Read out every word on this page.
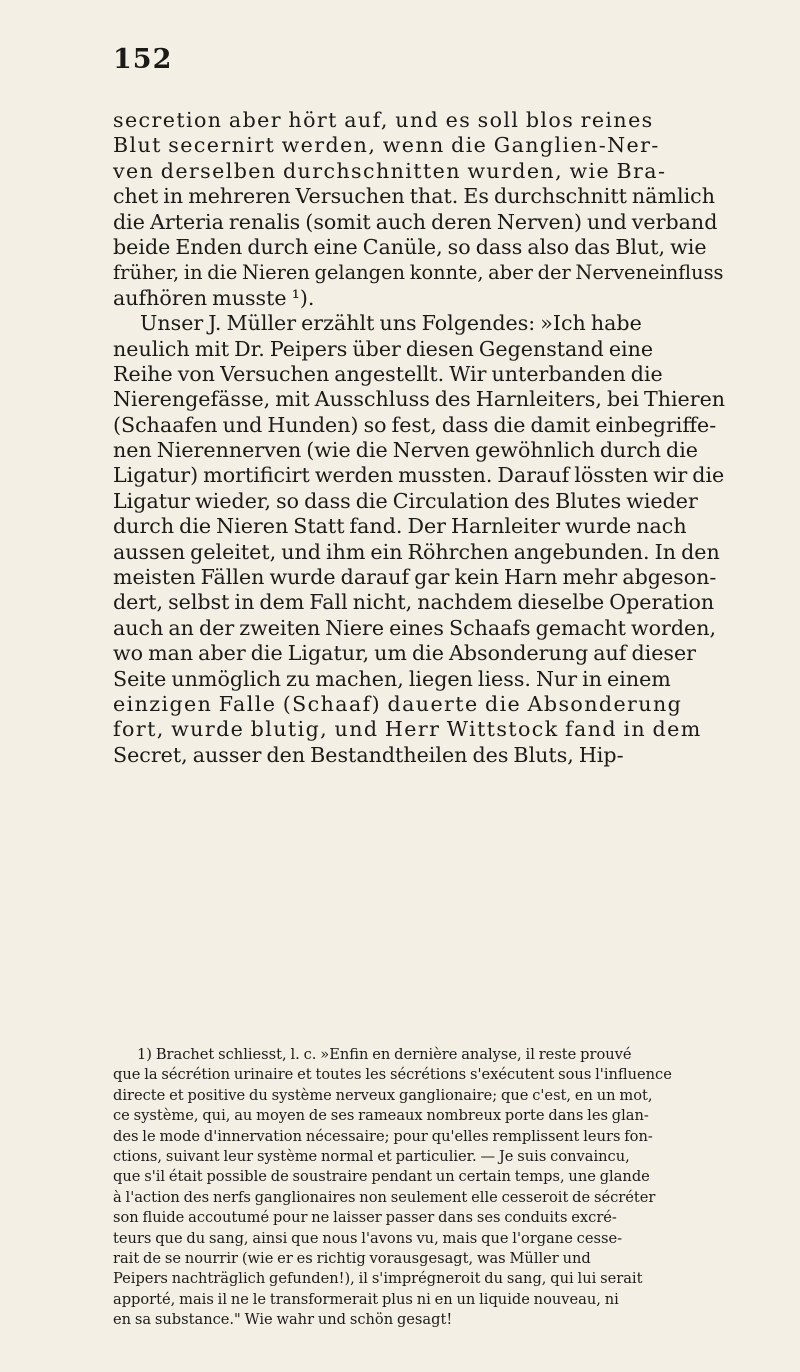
152
secretion aber hört auf, und es soll blos reines
Blut secernirt werden, wenn die Ganglien-Ner-
ven derselben durchschnitten wurden, wie Bra-
chet in mehreren Versuchen that. Es durchschnitt nämlich
die Arteria renalis (somit auch deren Nerven) und verband
beide Enden durch eine Canüle, so dass also das Blut, wie
früher, in die Nieren gelangen konnte, aber der Nerveneinfluss
aufhören musste ¹).
Unser J. Müller erzählt uns Folgendes: »Ich habe
neulich mit Dr. Peipers über diesen Gegenstand eine
Reihe von Versuchen angestellt. Wir unterbanden die
Nierengefässe, mit Ausschluss des Harnleiters, bei Thieren
(Schaafen und Hunden) so fest, dass die damit einbegriffe-
nen Nierennerven (wie die Nerven gewöhnlich durch die
Ligatur) mortificirt werden mussten. Darauf lössten wir die
Ligatur wieder, so dass die Circulation des Blutes wieder
durch die Nieren Statt fand. Der Harnleiter wurde nach
aussen geleitet, und ihm ein Röhrchen angebunden. In den
meisten Fällen wurde darauf gar kein Harn mehr abgeson-
dert, selbst in dem Fall nicht, nachdem dieselbe Operation
auch an der zweiten Niere eines Schaafs gemacht worden,
wo man aber die Ligatur, um die Absonderung auf dieser
Seite unmöglich zu machen, liegen liess. Nur in einem
einzigen Falle (Schaaf) dauerte die Absonderung
fort, wurde blutig, und Herr Wittstock fand in dem
Secret, ausser den Bestandtheilen des Bluts, Hip-
1) Brachet schliesst, l. c. »Enfin en dernière analyse, il reste prouvé
que la sécrétion urinaire et toutes les sécrétions s'exécutent sous l'influence
directe et positive du système nerveux ganglionaire; que c'est, en un mot,
ce système, qui, au moyen de ses rameaux nombreux porte dans les glan-
des le mode d'innervation nécessaire; pour qu'elles remplissent leurs fon-
ctions, suivant leur système normal et particulier. — Je suis convaincu,
que s'il était possible de soustraire pendant un certain temps, une glande
à l'action des nerfs ganglionaires non seulement elle cesseroit de sécréter
son fluide accoutumé pour ne laisser passer dans ses conduits excré-
teurs que du sang, ainsi que nous l'avons vu, mais que l'organe cesse-
rait de se nourrir (wie er es richtig vorausgesagt, was Müller und
Peipers nachträglich gefunden!), il s'imprégneroit du sang, qui lui serait
apporté, mais il ne le transformerait plus ni en un liquide nouveau, ni
en sa substance." Wie wahr und schön gesagt!
